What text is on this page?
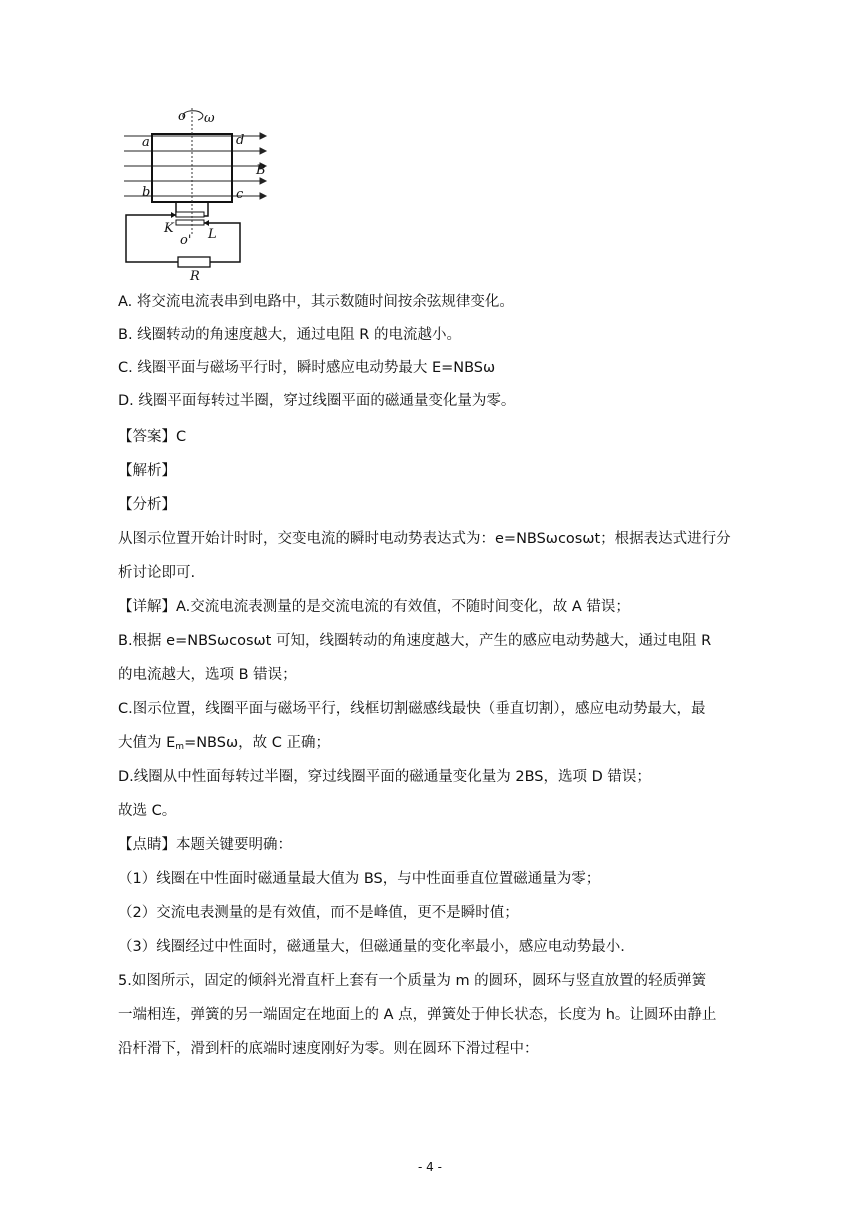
o ω
a	d
B
b	c
K	L
o'
R
A. 将交流电流表串到电路中，其示数随时间按余弦规律变化。
B. 线圈转动的角速度越大，通过电阻 R 的电流越小。
C. 线圈平面与磁场平行时，瞬时感应电动势最大 E=NBSω
D. 线圈平面每转过半圈，穿过线圈平面的磁通量变化量为零。
【答案】C
【解析】
【分析】
从图示位置开始计时时，交变电流的瞬时电动势表达式为：e=NBSωcosωt；根据表达式进行分
析讨论即可.
【详解】A.交流电流表测量的是交流电流的有效值，不随时间变化，故 A 错误；
B.根据 e=NBSωcosωt 可知，线圈转动的角速度越大，产生的感应电动势越大，通过电阻 R
的电流越大，选项 B 错误；
C.图示位置，线圈平面与磁场平行，线框切割磁感线最快（垂直切割），感应电动势最大，最
大值为 $E_m=NBS\omega$，故 C 正确；
D.线圈从中性面每转过半圈，穿过线圈平面的磁通量变化量为 2BS，选项 D 错误；
故选 C。
【点睛】本题关键要明确：
（1）线圈在中性面时磁通量最大值为 BS，与中性面垂直位置磁通量为零；
（2）交流电表测量的是有效值，而不是峰值，更不是瞬时值；
（3）线圈经过中性面时，磁通量大，但磁通量的变化率最小，感应电动势最小.
5.如图所示，固定的倾斜光滑直杆上套有一个质量为 m 的圆环，圆环与竖直放置的轻质弹簧
一端相连，弹簧的另一端固定在地面上的 A 点，弹簧处于伸长状态，长度为 h。让圆环由静止
沿杆滑下，滑到杆的底端时速度刚好为零。则在圆环下滑过程中：
- 4 -
